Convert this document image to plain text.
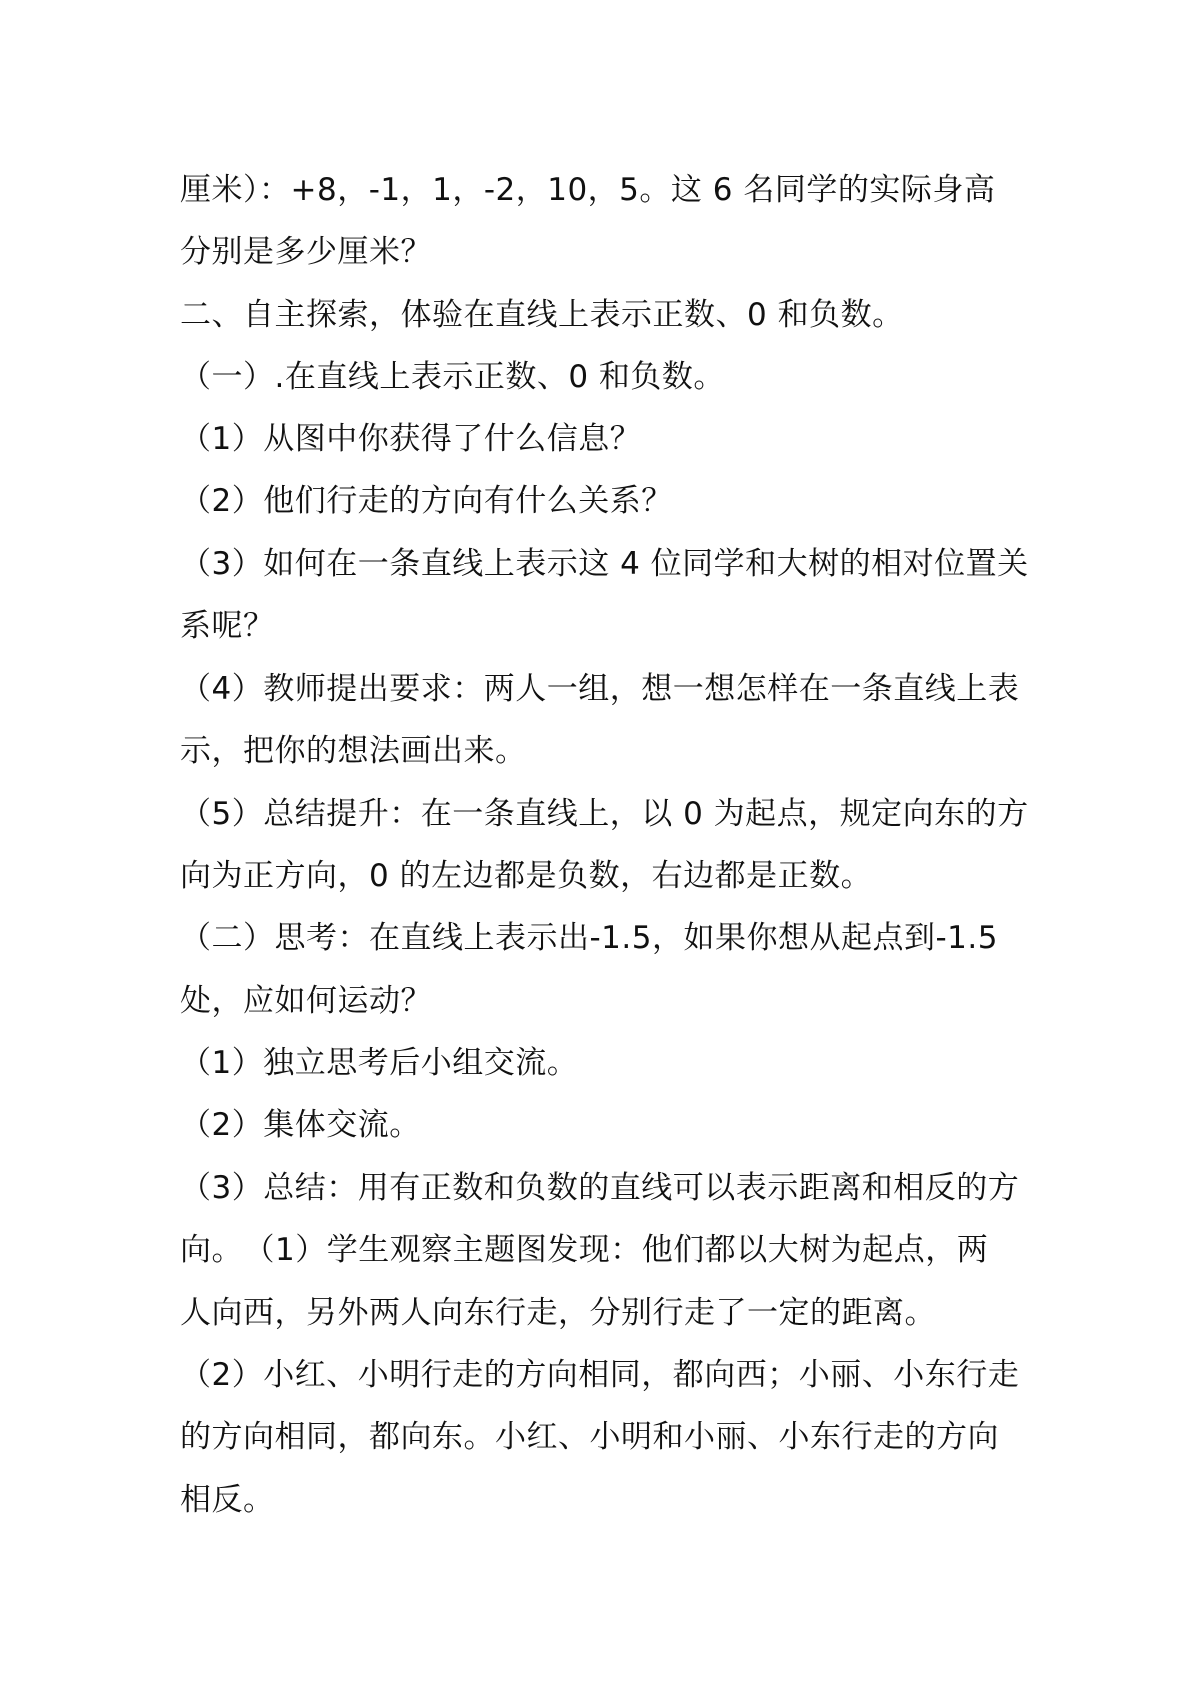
厘米）：+8，-1，1，-2，10，5。这 6 名同学的实际身高
分别是多少厘米？
二、自主探索，体验在直线上表示正数、0 和负数。
（一）.在直线上表示正数、0 和负数。
（1）从图中你获得了什么信息？
（2）他们行走的方向有什么关系？
（3）如何在一条直线上表示这 4 位同学和大树的相对位置关
系呢？
（4）教师提出要求：两人一组，想一想怎样在一条直线上表
示，把你的想法画出来。
（5）总结提升：在一条直线上，以 0 为起点，规定向东的方
向为正方向，0 的左边都是负数，右边都是正数。
（二）思考：在直线上表示出-1.5，如果你想从起点到-1.5
处，应如何运动？
（1）独立思考后小组交流。
（2）集体交流。
（3）总结：用有正数和负数的直线可以表示距离和相反的方
向。　（1）学生观察主题图发现：他们都以大树为起点，两
人向西，另外两人向东行走，分别行走了一定的距离。
（2）小红、小明行走的方向相同，都向西；小丽、小东行走
的方向相同，都向东。小红、小明和小丽、小东行走的方向
相反。
